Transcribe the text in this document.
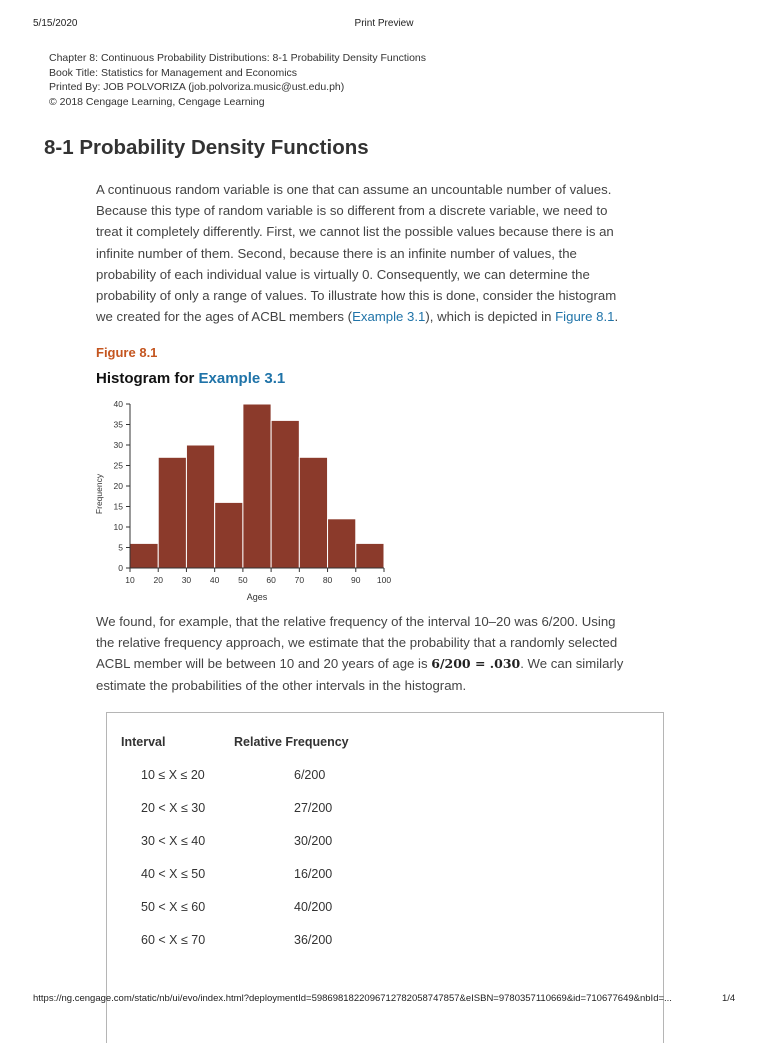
5/15/2020	Print Preview
Chapter 8: Continuous Probability Distributions: 8-1 Probability Density Functions
Book Title: Statistics for Management and Economics
Printed By: JOB POLVORIZA (job.polvoriza.music@ust.edu.ph)
© 2018 Cengage Learning, Cengage Learning
8-1 Probability Density Functions
A continuous random variable is one that can assume an uncountable number of values.
Because this type of random variable is so different from a discrete variable, we need to
treat it completely differently. First, we cannot list the possible values because there is an
infinite number of them. Second, because there is an infinite number of values, the
probability of each individual value is virtually 0. Consequently, we can determine the
probability of only a range of values. To illustrate how this is done, consider the histogram
we created for the ages of ACBL members (Example 3.1), which is depicted in Figure 8.1.
Figure 8.1
Histogram for Example 3.1
0
5
10
15
20
25
30
35
40
10 20 30 40 50 60 70 80 90 100
Ages
Frequency
We found, for example, that the relative frequency of the interval 10–20 was 6/200. Using
the relative frequency approach, we estimate that the probability that a randomly selected
ACBL member will be between 10 and 20 years of age is 6/200 = .030. We can similarly
estimate the probabilities of the other intervals in the histogram.
Interval	Relative Frequency
10 ≤ X ≤ 20	6/200
20 < X ≤ 30	27/200
30 < X ≤ 40	30/200
40 < X ≤ 50	16/200
50 < X ≤ 60	40/200
60 < X ≤ 70	36/200
https://ng.cengage.com/static/nb/ui/evo/index.html?deploymentId=5986981822096712782058747857&eISBN=9780357110669&id=710677649&nbId=...	1/4
